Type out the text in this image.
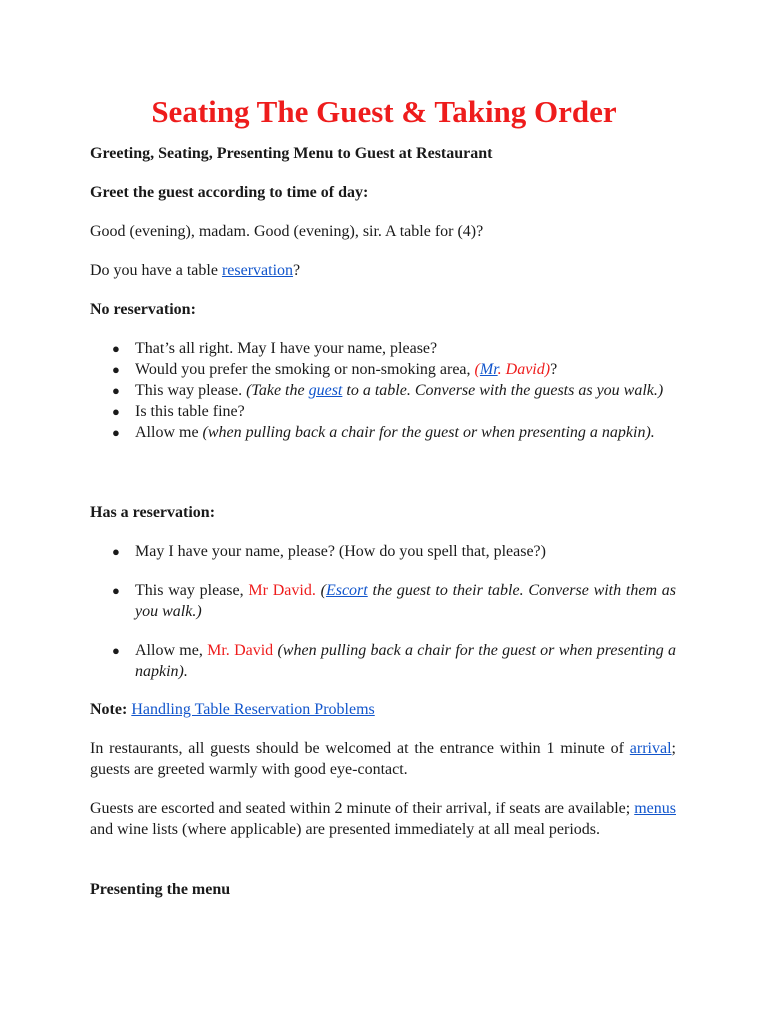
Seating The Guest & Taking Order

Greeting, Seating, Presenting Menu to Guest at Restaurant

Greet the guest according to time of day:

Good (evening), madam. Good (evening), sir. A table for (4)?

Do you have a table reservation?

No reservation:

● That’s all right. May I have your name, please?
● Would you prefer the smoking or non-smoking area, (Mr. David)?
● This way please. (Take the guest to a table. Converse with the guests as you walk.)
● Is this table fine?
● Allow me (when pulling back a chair for the guest or when presenting a napkin).

Has a reservation:

● May I have your name, please? (How do you spell that, please?)
● This way please, Mr David. (Escort the guest to their table. Converse with them as you walk.)
● Allow me, Mr. David (when pulling back a chair for the guest or when presenting a napkin).

Note: Handling Table Reservation Problems

In restaurants, all guests should be welcomed at the entrance within 1 minute of arrival; guests are greeted warmly with good eye-contact.

Guests are escorted and seated within 2 minute of their arrival, if seats are available; menus and wine lists (where applicable) are presented immediately at all meal periods.

Presenting the menu
